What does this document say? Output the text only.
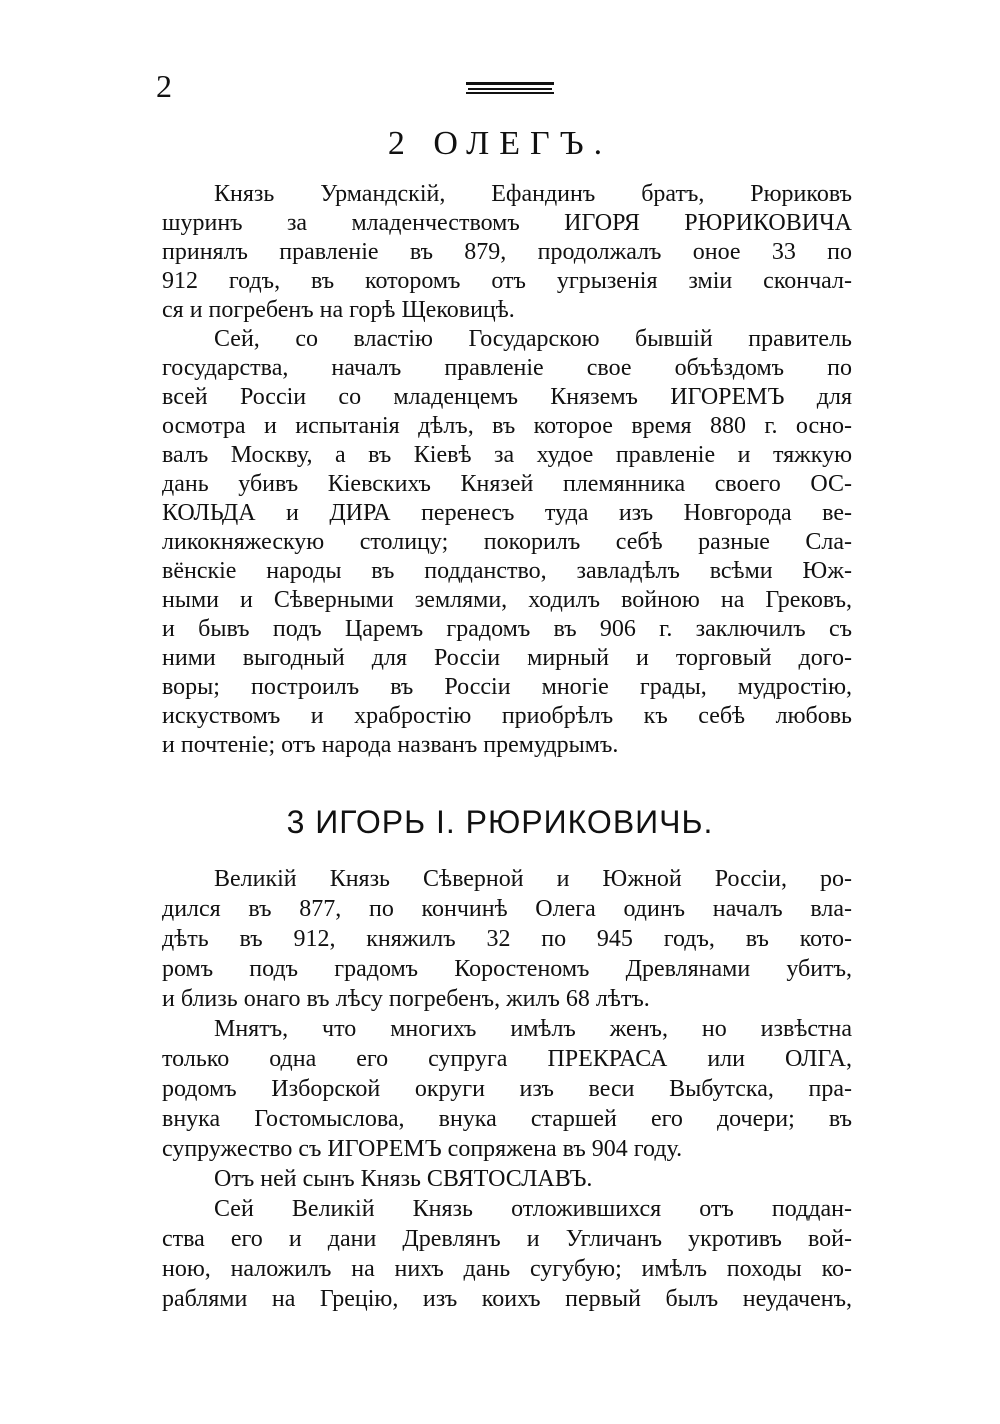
2
2 ОЛЕГЪ.
Князь Урмандскій, Ефандинъ братъ, Рюриковъ
шуринъ за младенчествомъ ИГОРЯ РЮРИКОВИЧА
принялъ правленіе въ 879, продолжалъ оное 33 по
912 годъ, въ которомъ отъ угрызенія змiи скончал-
ся и погребенъ на горѣ Щековицѣ.
Сей, со властію Государскою бывшій правитель
государства, началъ правленіе свое объѣздомъ по
всей Россіи со младенцемъ Княземъ ИГОРЕМЪ для
осмотра и испытанія дѣлъ, въ которое время 880 г. осно-
валъ Москву, а въ Кіевѣ за худое правленіе и тяжкую
дань убивъ Кіевскихъ Князей племянника своего ОС-
КОЛЬДА и ДИРА перенесъ туда изъ Новгорода ве-
ликокняжескую столицу; покорилъ себѣ разные Сла-
вёнскіе народы въ подданство, завладѣлъ всѣми Юж-
ными и Сѣверными землями, ходилъ войною на Грековъ,
и бывъ подъ Царемъ градомъ въ 906 г. заключилъ съ
ними выгодный для Россіи мирный и торговый дого-
воры; построилъ въ Россіи многіе грады, мудростію,
искуствомъ и храбростію приобрѣлъ къ себѣ любовь
и почтеніе; отъ народа названъ премудрымъ.
3 ИГОРЬ I. РЮРИКОВИЧЬ.
Великій Князь Сѣверной и Южной Россіи, ро-
дился въ 877, по кончинѣ Олега одинъ началъ вла-
дѣть въ 912, княжилъ 32 по 945 годъ, въ кото-
ромъ подъ градомъ Коростеномъ Древлянами убитъ,
и близь онаго въ лѣсу погребенъ, жилъ 68 лѣтъ.
Мнятъ, что многихъ имѣлъ женъ, но извѣстна
только одна его супруга ПРЕКРАСА или ОЛГА,
родомъ Изборской округи изъ веси Выбутска, пра-
внука Гостомыслова, внука старшей его дочери; въ
супружество съ ИГОРЕМЪ сопряжена въ 904 году.
Отъ ней сынъ Князь СВЯТОСЛАВЪ.
Сей Великій Князь отложившихся отъ поддан-
ства его и дани Древлянъ и Угличанъ укротивъ вой-
ною, наложилъ на нихъ дань сугубую; имѣлъ походы ко-
раблями на Грецію, изъ коихъ первый былъ неудаченъ,
